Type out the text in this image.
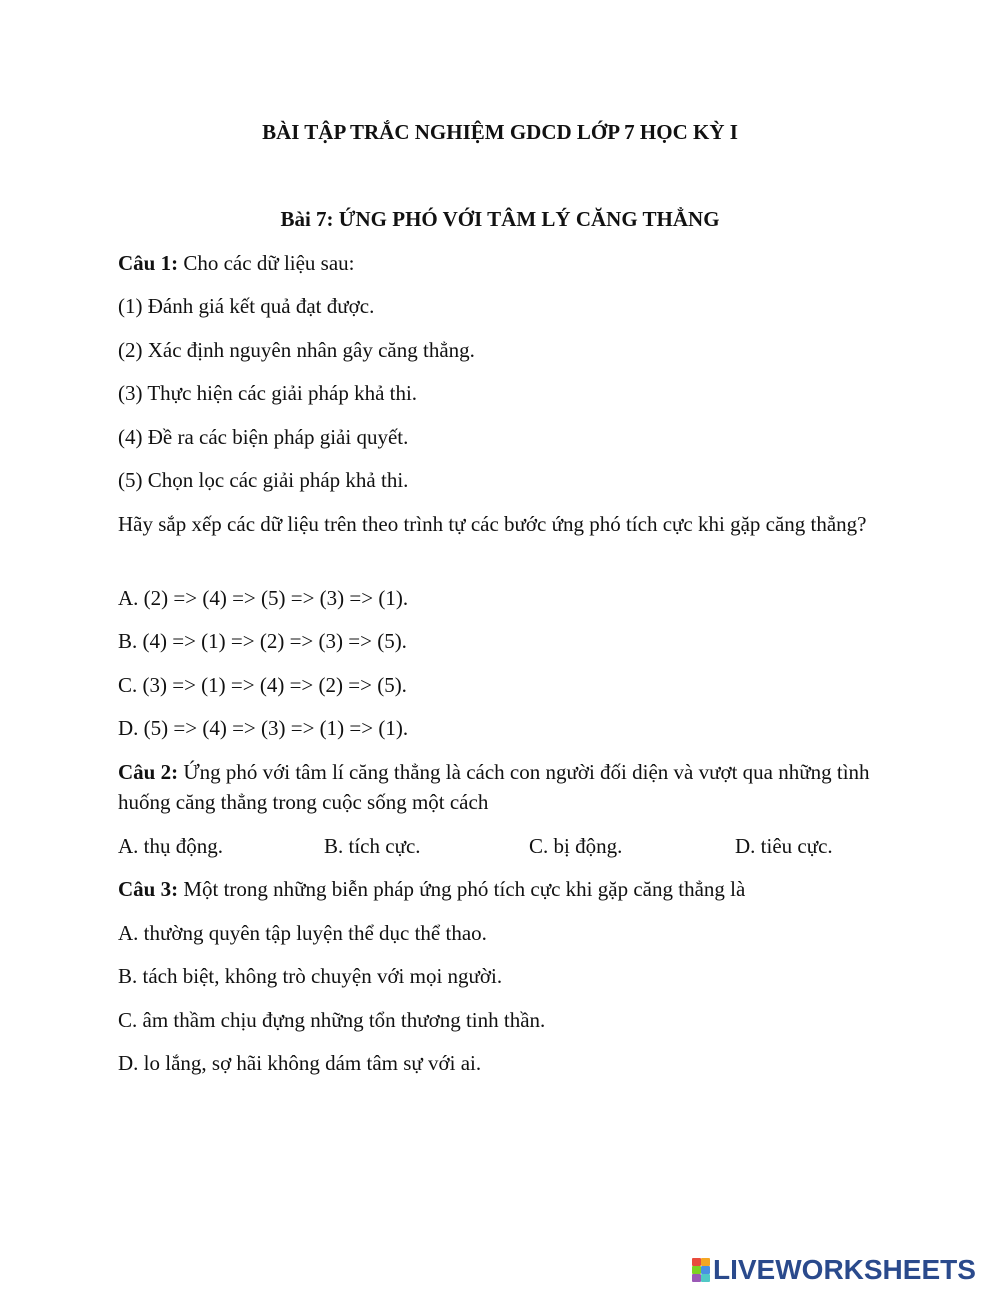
BÀI TẬP TRẮC NGHIỆM GDCD LỚP 7 HỌC KỲ I
Bài 7: ỨNG PHÓ VỚI TÂM LÝ CĂNG THẲNG
Câu 1: Cho các dữ liệu sau:
(1) Đánh giá kết quả đạt được.
(2) Xác định nguyên nhân gây căng thẳng.
(3) Thực hiện các giải pháp khả thi.
(4) Đề ra các biện pháp giải quyết.
(5) Chọn lọc các giải pháp khả thi.
Hãy sắp xếp các dữ liệu trên theo trình tự các bước ứng phó tích cực khi gặp căng thẳng?
A. (2) => (4) => (5) => (3) => (1).
B. (4) => (1) => (2) => (3) => (5).
C. (3) => (1) => (4) => (2) => (5).
D. (5) => (4) => (3) => (1) => (1).
Câu 2: Ứng phó với tâm lí căng thẳng là cách con người đối diện và vượt qua những tình huống căng thẳng trong cuộc sống một cách
A. thụ động.	B. tích cực.	C. bị động.	D. tiêu cực.
Câu 3: Một trong những biễn pháp ứng phó tích cực khi gặp căng thẳng là
A. thường quyên tập luyện thể dục thể thao.
B. tách biệt, không trò chuyện với mọi người.
C. âm thầm chịu đựng những tổn thương tinh thần.
D. lo lắng, sợ hãi không dám tâm sự với ai.
LIVEWORKSHEETS
